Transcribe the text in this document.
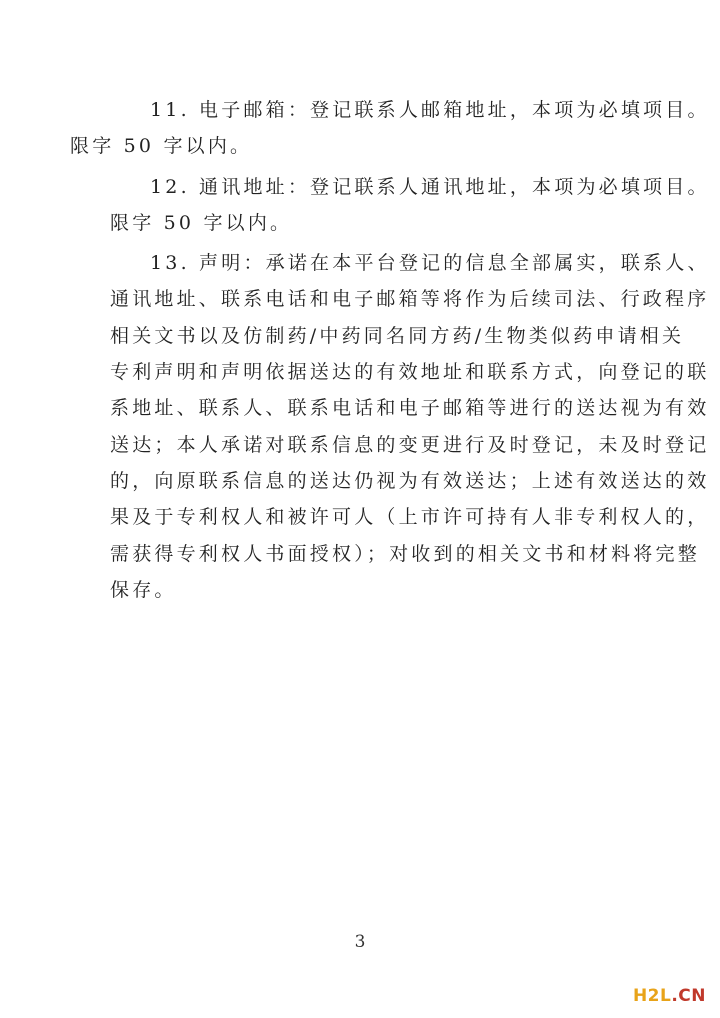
11. 电子邮箱：登记联系人邮箱地址，本项为必填项目。
限字 50 字以内。

12. 通讯地址：登记联系人通讯地址，本项为必填项目。
限字 50 字以内。

13. 声明：承诺在本平台登记的信息全部属实，联系人、
通讯地址、联系电话和电子邮箱等将作为后续司法、行政程序
相关文书以及仿制药/中药同名同方药/生物类似药申请相关
专利声明和声明依据送达的有效地址和联系方式，向登记的联
系地址、联系人、联系电话和电子邮箱等进行的送达视为有效
送达；本人承诺对联系信息的变更进行及时登记，未及时登记
的，向原联系信息的送达仍视为有效送达；上述有效送达的效
果及于专利权人和被许可人（上市许可持有人非专利权人的，
需获得专利权人书面授权）；对收到的相关文书和材料将完整
保存。

3
H2L.CN
